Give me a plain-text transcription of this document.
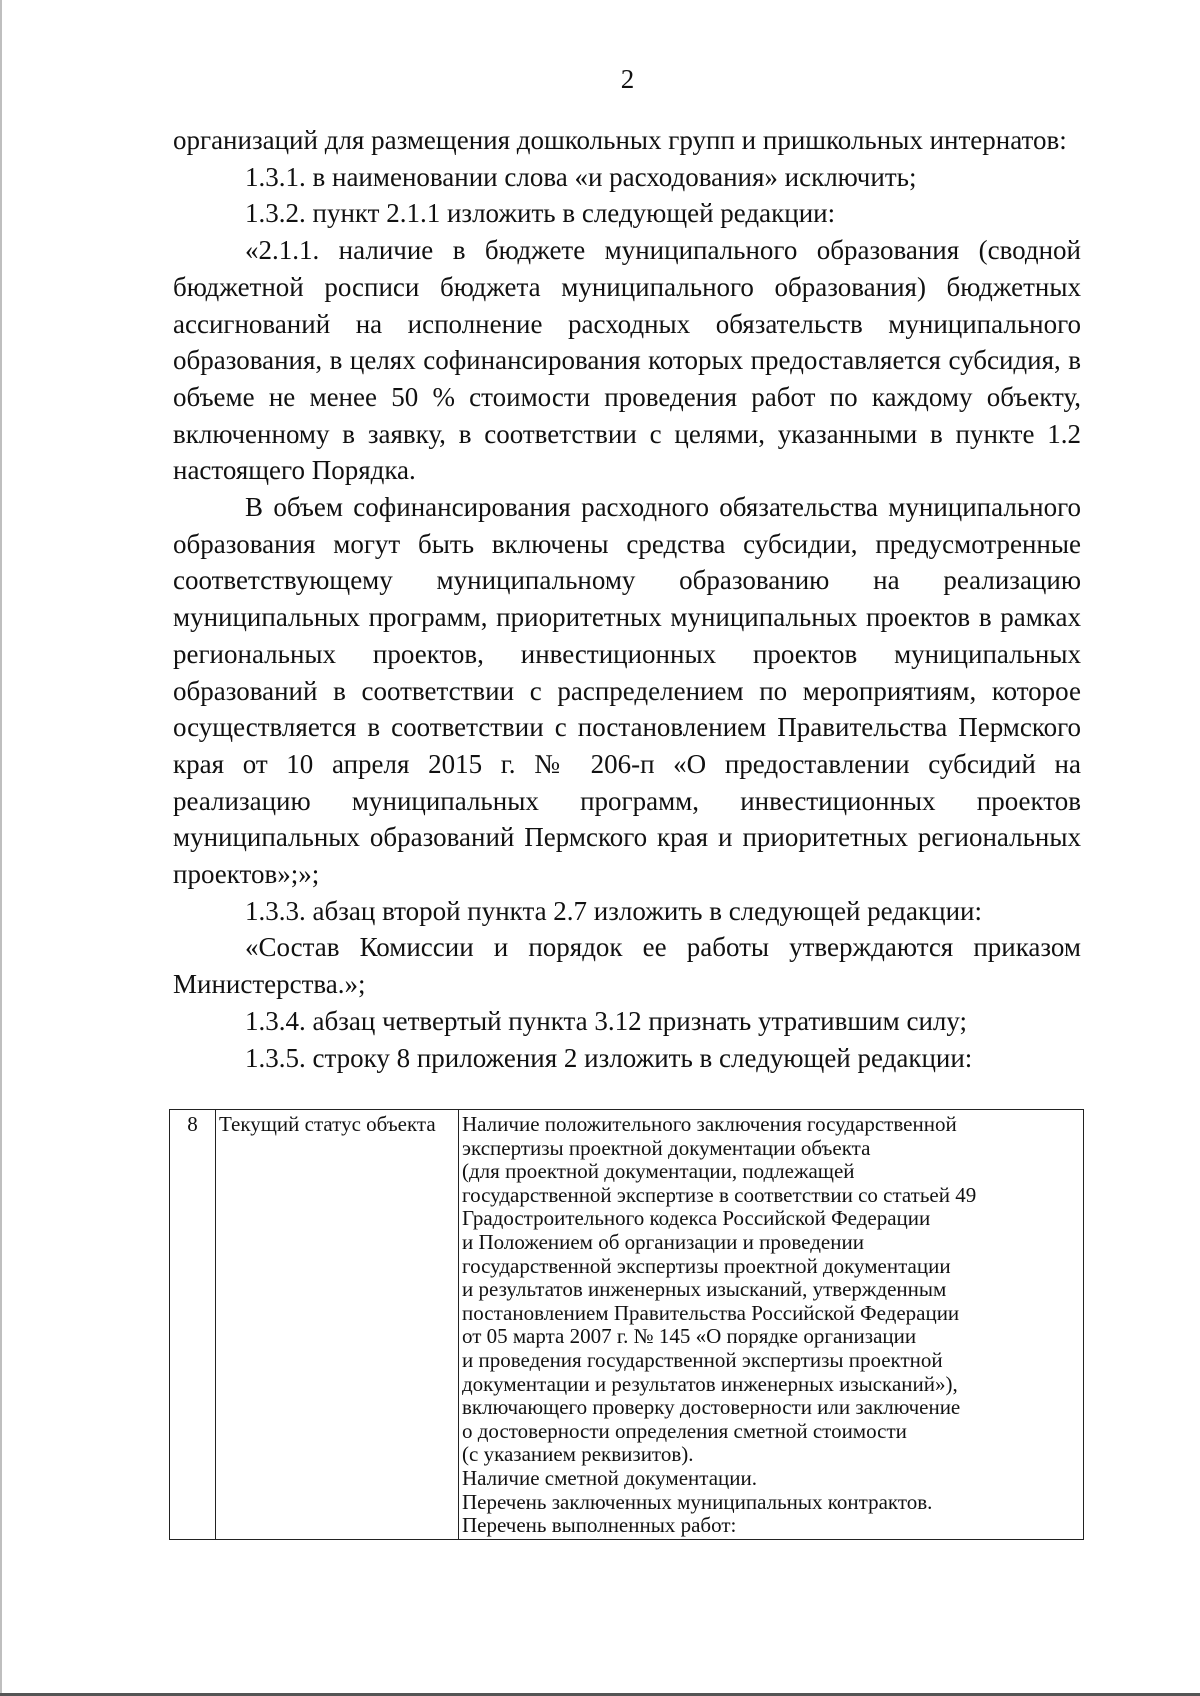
2

организаций для размещения дошкольных групп и пришкольных интернатов:

1.3.1. в наименовании слова «и расходования» исключить;

1.3.2. пункт 2.1.1 изложить в следующей редакции:

«2.1.1. наличие в бюджете муниципального образования (сводной бюджетной росписи бюджета муниципального образования) бюджетных ассигнований на исполнение расходных обязательств муниципального образования, в целях софинансирования которых предоставляется субсидия, в объеме не менее 50 % стоимости проведения работ по каждому объекту, включенному в заявку, в соответствии с целями, указанными в пункте 1.2 настоящего Порядка.

В объем софинансирования расходного обязательства муниципального образования могут быть включены средства субсидии, предусмотренные соответствующему муниципальному образованию на реализацию муниципальных программ, приоритетных муниципальных проектов в рамках региональных проектов, инвестиционных проектов муниципальных образований в соответствии с распределением по мероприятиям, которое осуществляется в соответствии с постановлением Правительства Пермского края от 10 апреля 2015 г. № 206-п «О предоставлении субсидий на реализацию муниципальных программ, инвестиционных проектов муниципальных образований Пермского края и приоритетных региональных проектов»;»;

1.3.3. абзац второй пункта 2.7 изложить в следующей редакции:

«Состав Комиссии и порядок ее работы утверждаются приказом Министерства.»;

1.3.4. абзац четвертый пункта 3.12 признать утратившим силу;

1.3.5. строку 8 приложения 2 изложить в следующей редакции:

8	Текущий статус объекта	Наличие положительного заключения государственной
экспертизы проектной документации объекта
(для проектной документации, подлежащей
государственной экспертизе в соответствии со статьей 49
Градостроительного кодекса Российской Федерации
и Положением об организации и проведении
государственной экспертизы проектной документации
и результатов инженерных изысканий, утвержденным
постановлением Правительства Российской Федерации
от 05 марта 2007 г. № 145 «О порядке организации
и проведения государственной экспертизы проектной
документации и результатов инженерных изысканий»),
включающего проверку достоверности или заключение
о достоверности определения сметной стоимости
(с указанием реквизитов).
Наличие сметной документации.
Перечень заключенных муниципальных контрактов.
Перечень выполненных работ:
